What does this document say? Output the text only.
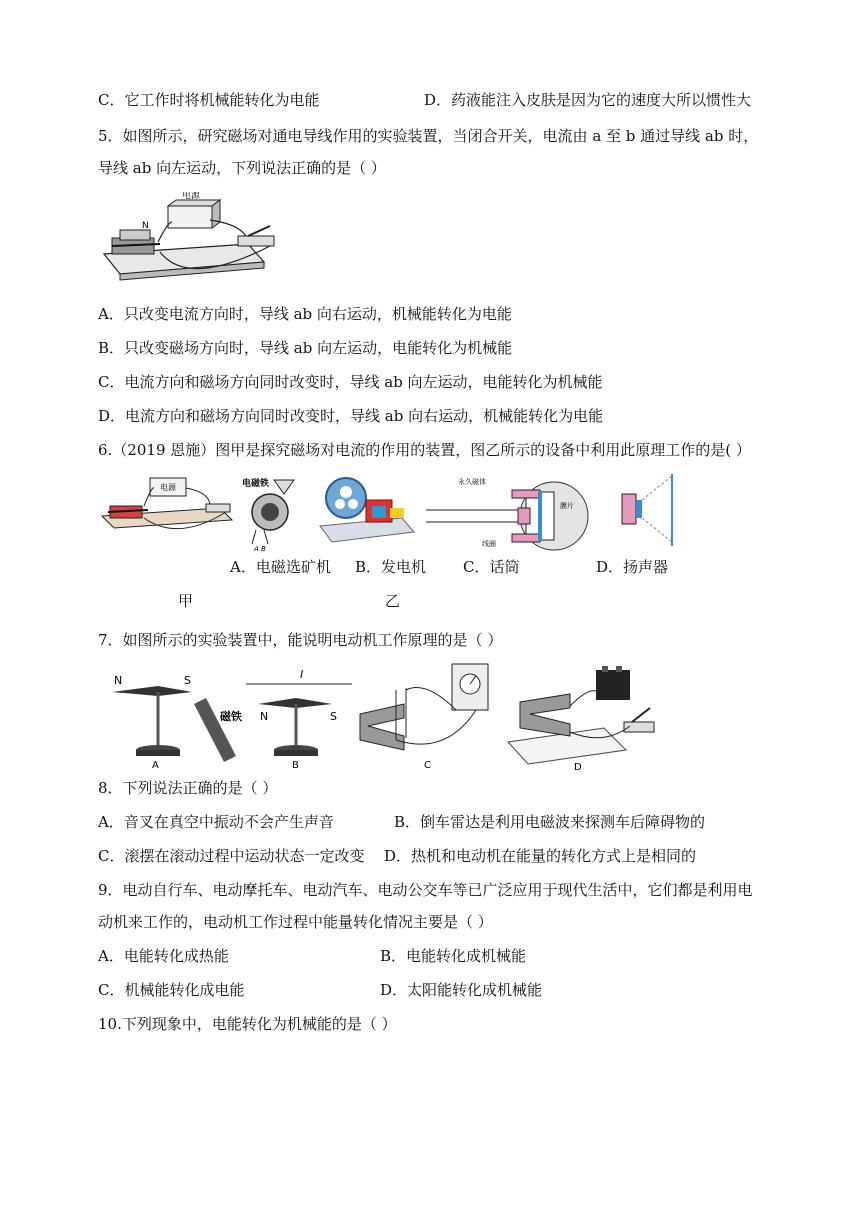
C．它工作时将机械能转化为电能	D．药液能注入皮肤是因为它的速度大所以惯性大
5．如图所示，研究磁场对通电导线作用的实验装置，当闭合开关，电流由 a 至 b 通过导线 ab 时，
导线 ab 向左运动，下列说法正确的是（ ）
N
电源
A．只改变电流方向时，导线 ab 向右运动，机械能转化为电能
B．只改变磁场方向时，导线 ab 向左运动，电能转化为机械能
C．电流方向和磁场方向同时改变时，导线 ab 向左运动，电能转化为机械能
D．电流方向和磁场方向同时改变时，导线 ab 向右运动，机械能转化为电能
6.（2019 恩施）图甲是探究磁场对电流的作用的装置，图乙所示的设备中利用此原理工作的是( ）
电源	电磁铁
A B
永久磁体
线圈
膜片
A．电磁选矿机 B．发电机 C．话筒	D．扬声器
甲	乙
7．如图所示的实验装置中，能说明电动机工作原理的是（ ）
N	S
磁铁
A
I
N	S
B	C	D
8．下列说法正确的是（ ）
A．音叉在真空中振动不会产生声音	B．倒车雷达是利用电磁波来探测车后障碍物的
C．滚摆在滚动过程中运动状态一定改变 D．热机和电动机在能量的转化方式上是相同的
9．电动自行车、电动摩托车、电动汽车、电动公交车等已广泛应用于现代生活中，它们都是利用电
动机来工作的，电动机工作过程中能量转化情况主要是（ ）
A．电能转化成热能	B．电能转化成机械能
C．机械能转化成电能	D．太阳能转化成机械能
10.下列现象中，电能转化为机械能的是（ ）
